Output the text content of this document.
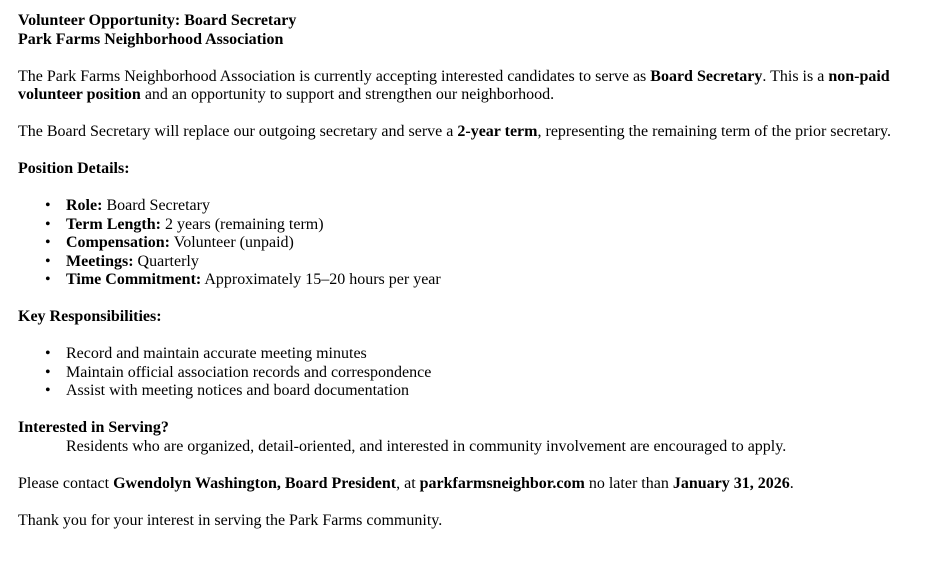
Volunteer Opportunity: Board Secretary
Park Farms Neighborhood Association

The Park Farms Neighborhood Association is currently accepting interested candidates to serve as Board Secretary. This is a non-paid volunteer position and an opportunity to support and strengthen our neighborhood.

The Board Secretary will replace our outgoing secretary and serve a 2-year term, representing the remaining term of the prior secretary.

Position Details:
• Role: Board Secretary
• Term Length: 2 years (remaining term)
• Compensation: Volunteer (unpaid)
• Meetings: Quarterly
• Time Commitment: Approximately 15–20 hours per year
Key Responsibilities:
• Record and maintain accurate meeting minutes
• Maintain official association records and correspondence
• Assist with meeting notices and board documentation
Interested in Serving?
Residents who are organized, detail-oriented, and interested in community involvement are encouraged to apply.

Please contact Gwendolyn Washington, Board President, at parkfarmsneighbor.com no later than January 31, 2026.

Thank you for your interest in serving the Park Farms community.
